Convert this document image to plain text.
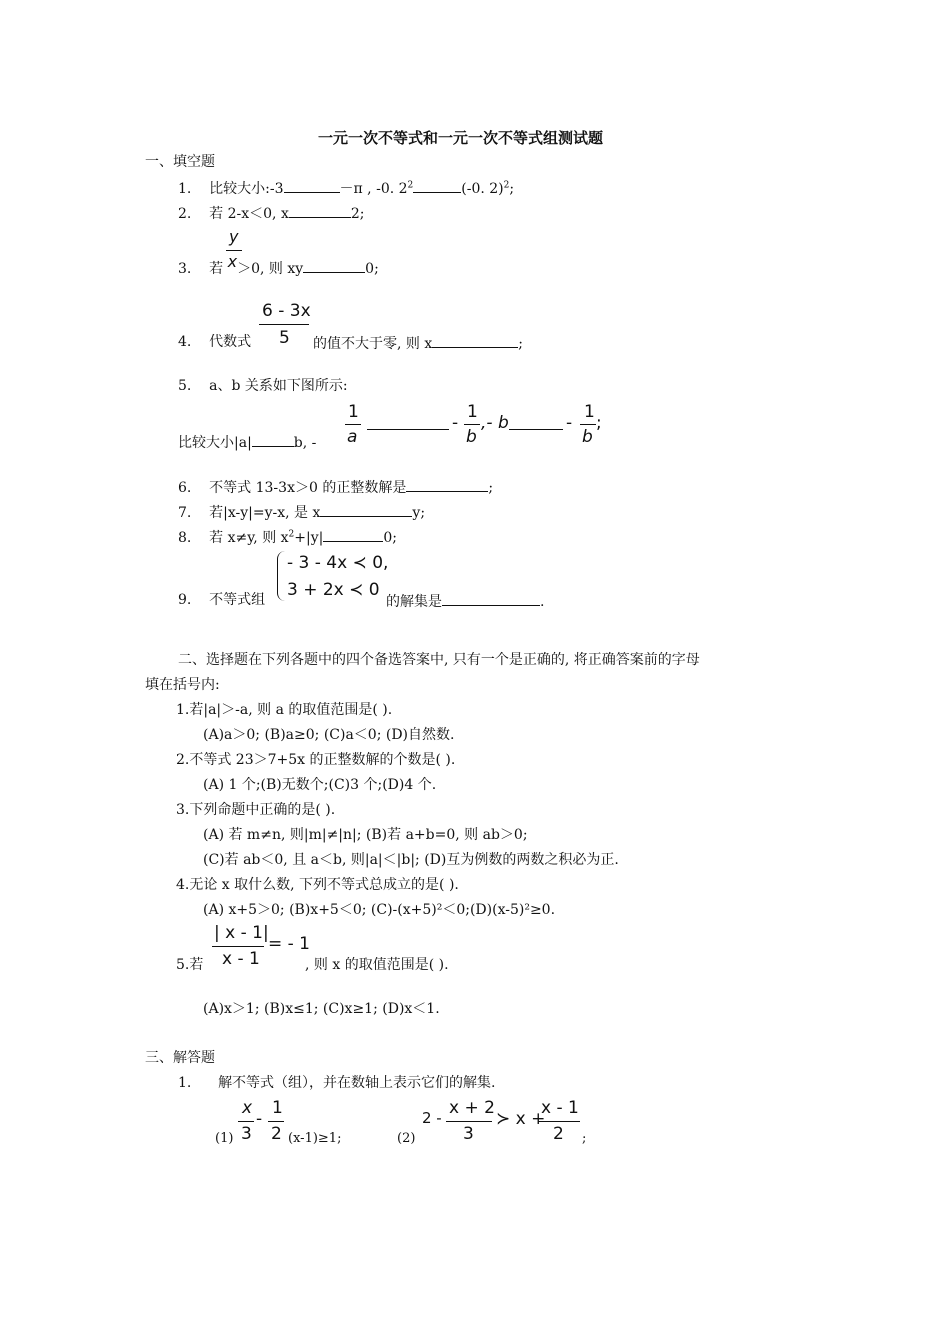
一元一次不等式和一元一次不等式组测试题
一、填空题
1. 比较大小:-3	－π , -0. $2^2$	(-0. 2)$^2$;
2. 若 2-x＜0, x	2;
y
3. 若 x＞0, 则 xy	0;
6 - 3x
5
4. 代数式	的值不大于零, 则 x	;
5. a、b 关系如下图所示:
比较大小|a|	b, -
1
a
-
1
b
,- b	-
1
b
;
6. 不等式 13-3x＞0 的正整数解是	;
7. 若|x-y|=y-x, 是 x	y;
8. 若 x≠y, 则 $x^2+|y|$	0;
9. 不等式组
- 3 - 4x ≺ 0,
3 + 2x ≺ 0
的解集是	.
二、选择题在下列各题中的四个备选答案中, 只有一个是正确的, 将正确答案前的字母
填在括号内:
1.若|a|＞-a, 则 a 的取值范围是( ).
(A)a＞0; (B)a≥0; (C)a＜0; (D)自然数.
2.不等式 23＞7+5x 的正整数解的个数是( ).
(A) 1 个;(B)无数个;(C)3 个;(D)4 个.
3.下列命题中正确的是( ).
(A) 若 m≠n, 则|m|≠|n|; (B)若 a+b=0, 则 ab＞0;
(C)若 ab＜0, 且 a＜b, 则|a|＜|b|; (D)互为例数的两数之积必为正.
4.无论 x 取什么数, 下列不等式总成立的是( ).
(A) x+5＞0; (B)x+5＜0; (C)-(x+5)²＜0;(D)(x-5)²≥0.
| x - 1|
x - 1
= - 1
5.若	, 则 x 的取值范围是( ).
(A)x＞1; (B)x≤1; (C)x≥1; (D)x＜1.
三、解答题
1. 解不等式（组），并在数轴上表示它们的解集.
(1)
x
3
-
1
2 (x-1)≥1;	(2)
2 - x + 2
3
≻ x +
x - 1
2 ;
